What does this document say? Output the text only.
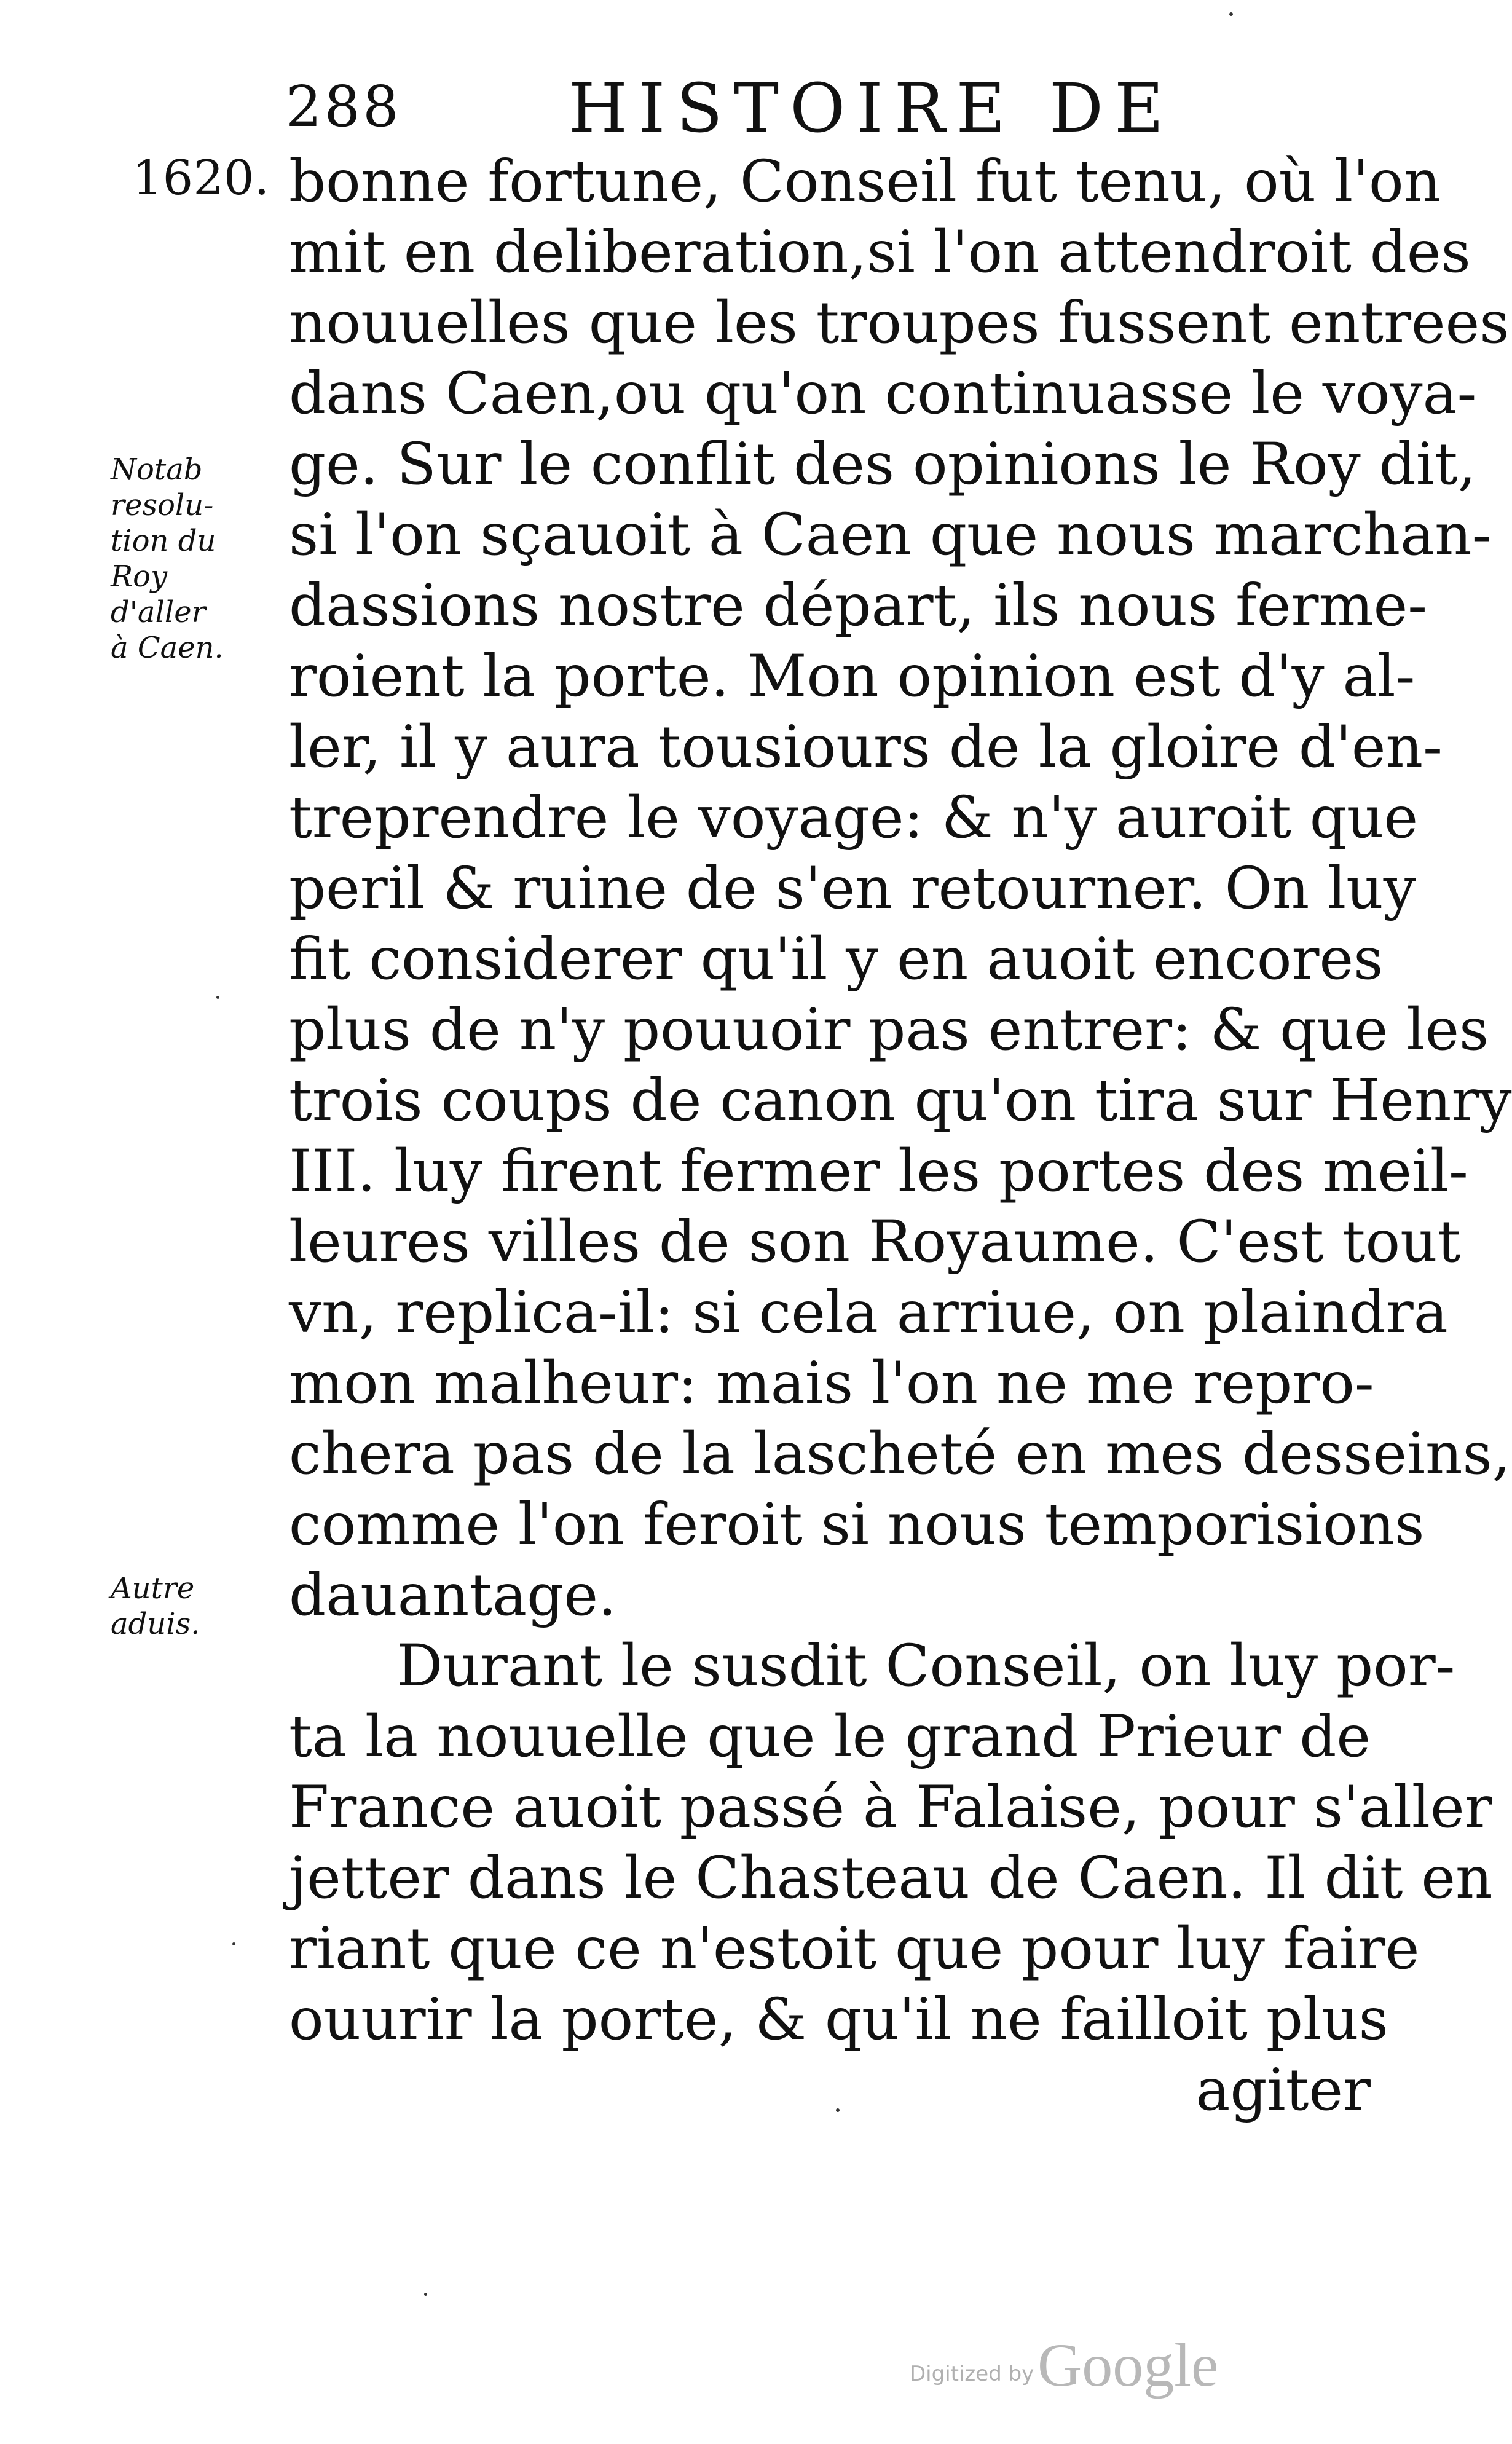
288 HISTOIRE DE
1620.
Notab
resolu-
tion du
Roy
d'aller
à Caen.
Autre
aduis.
bonne fortune, Conseil fut tenu, où l'on
mit en deliberation,si l'on attendroit des
nouuelles que les troupes fussent entrees
dans Caen,ou qu'on continuasse le voya-
ge. Sur le conflit des opinions le Roy dit,
si l'on sçauoit à Caen que nous marchan-
dassions nostre départ, ils nous ferme-
roient la porte. Mon opinion est d'y al-
ler, il y aura tousiours de la gloire d'en-
treprendre le voyage: & n'y auroit que
peril & ruine de s'en retourner. On luy
fit considerer qu'il y en auoit encores
plus de n'y pouuoir pas entrer: & que les
trois coups de canon qu'on tira sur Henry
III. luy firent fermer les portes des meil-
leures villes de son Royaume. C'est tout
vn, replica-il: si cela arriue, on plaindra
mon malheur: mais l'on ne me repro-
chera pas de la lascheté en mes desseins,
comme l'on feroit si nous temporisions
dauantage.
Durant le susdit Conseil, on luy por-
ta la nouuelle que le grand Prieur de
France auoit passé à Falaise, pour s'aller
jetter dans le Chasteau de Caen. Il dit en
riant que ce n'estoit que pour luy faire
ouurir la porte, & qu'il ne failloit plus
agiter
Digitized by Google
